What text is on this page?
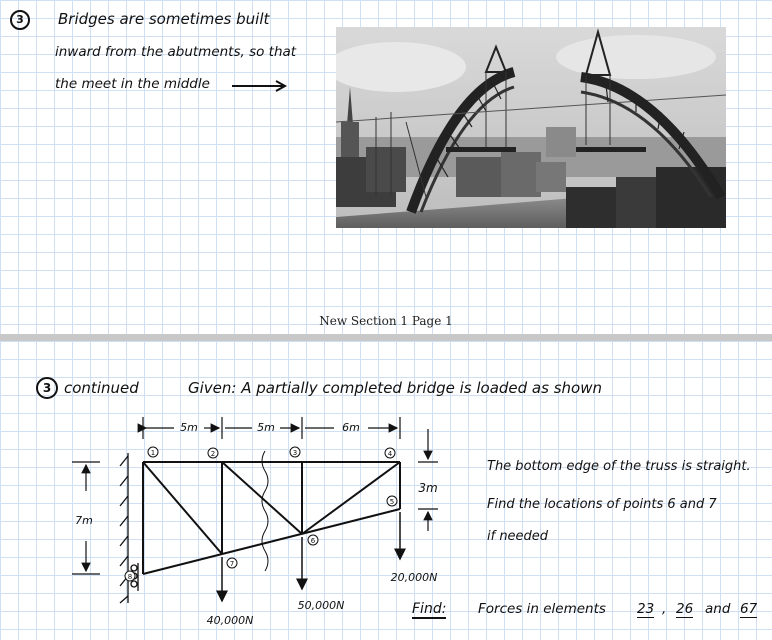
3	Bridges are sometimes built
inward from the abutments, so that
the meet in the middle
New Section 1 Page 1
3 continued	Given: A partially completed bridge is loaded as shown
The bottom edge of the truss is straight.
Find the locations of points 6 and 7
if needed
Find: Forces in elements 23 , 26 and 67
1	2	3	4
5
6
7
8
5m	5m	6m
7m
3m
40,000N
50,000N
20,000N
